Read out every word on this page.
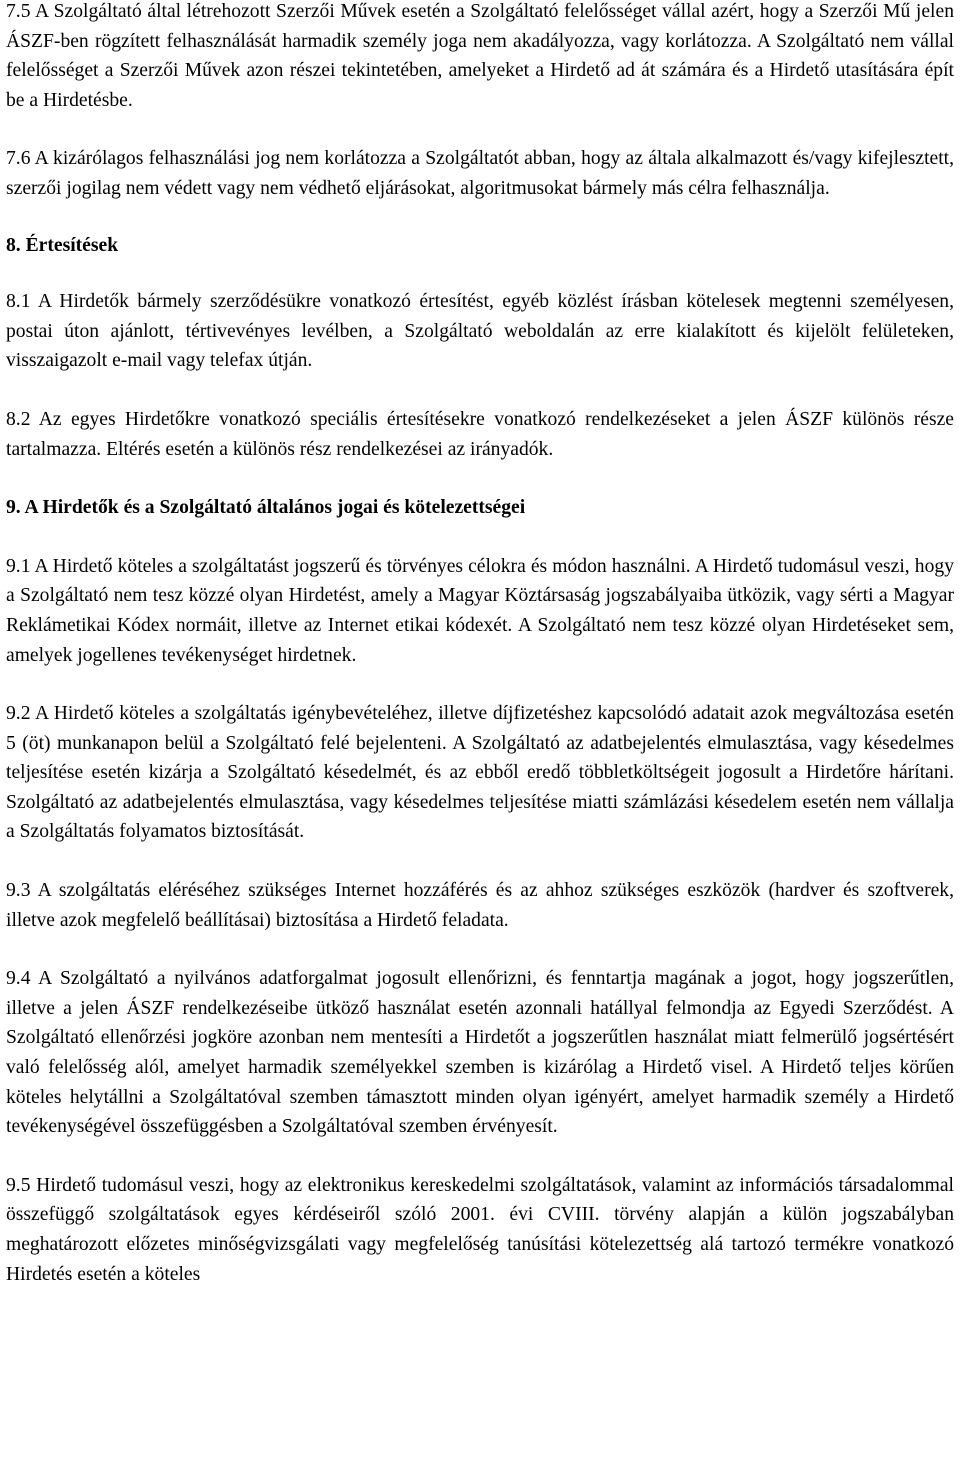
7.5 A Szolgáltató által létrehozott Szerzői Művek esetén a Szolgáltató felelősséget vállal azért, hogy a Szerzői Mű jelen ÁSZF-ben rögzített felhasználását harmadik személy joga nem akadályozza, vagy korlátozza. A Szolgáltató nem vállal felelősséget a Szerzői Művek azon részei tekintetében, amelyeket a Hirdető ad át számára és a Hirdető utasítására épít be a Hirdetésbe.

7.6 A kizárólagos felhasználási jog nem korlátozza a Szolgáltatót abban, hogy az általa alkalmazott és/vagy kifejlesztett, szerzői jogilag nem védett vagy nem védhető eljárásokat, algoritmusokat bármely más célra felhasználja.

8. Értesítések

8.1 A Hirdetők bármely szerződésükre vonatkozó értesítést, egyéb közlést írásban kötelesek megtenni személyesen, postai úton ajánlott, tértivevényes levélben, a Szolgáltató weboldalán az erre kialakított és kijelölt felületeken, visszaigazolt e-mail vagy telefax útján.

8.2 Az egyes Hirdetőkre vonatkozó speciális értesítésekre vonatkozó rendelkezéseket a jelen ÁSZF különös része tartalmazza. Eltérés esetén a különös rész rendelkezései az irányadók.

9. A Hirdetők és a Szolgáltató általános jogai és kötelezettségei

9.1 A Hirdető köteles a szolgáltatást jogszerű és törvényes célokra és módon használni. A Hirdető tudomásul veszi, hogy a Szolgáltató nem tesz közzé olyan Hirdetést, amely a Magyar Köztársaság jogszabályaiba ütközik, vagy sérti a Magyar Reklámetikai Kódex normáit, illetve az Internet etikai kódexét. A Szolgáltató nem tesz közzé olyan Hirdetéseket sem, amelyek jogellenes tevékenységet hirdetnek.

9.2 A Hirdető köteles a szolgáltatás igénybevételéhez, illetve díjfizetéshez kapcsolódó adatait azok megváltozása esetén 5 (öt) munkanapon belül a Szolgáltató felé bejelenteni. A Szolgáltató az adatbejelentés elmulasztása, vagy késedelmes teljesítése esetén kizárja a Szolgáltató késedelmét, és az ebből eredő többletköltségeit jogosult a Hirdetőre hárítani. Szolgáltató az adatbejelentés elmulasztása, vagy késedelmes teljesítése miatti számlázási késedelem esetén nem vállalja a Szolgáltatás folyamatos biztosítását.

9.3 A szolgáltatás eléréséhez szükséges Internet hozzáférés és az ahhoz szükséges eszközök (hardver és szoftverek, illetve azok megfelelő beállításai) biztosítása a Hirdető feladata.

9.4 A Szolgáltató a nyilvános adatforgalmat jogosult ellenőrizni, és fenntartja magának a jogot, hogy jogszerűtlen, illetve a jelen ÁSZF rendelkezéseibe ütköző használat esetén azonnali hatállyal felmondja az Egyedi Szerződést. A Szolgáltató ellenőrzési jogköre azonban nem mentesíti a Hirdetőt a jogszerűtlen használat miatt felmerülő jogsértésért való felelősség alól, amelyet harmadik személyekkel szemben is kizárólag a Hirdető visel. A Hirdető teljes körűen köteles helytállni a Szolgáltatóval szemben támasztott minden olyan igényért, amelyet harmadik személy a Hirdető tevékenységével összefüggésben a Szolgáltatóval szemben érvényesít.

9.5 Hirdető tudomásul veszi, hogy az elektronikus kereskedelmi szolgáltatások, valamint az információs társadalommal összefüggő szolgáltatások egyes kérdéseiről szóló 2001. évi CVIII. törvény alapján a külön jogszabályban meghatározott előzetes minőségvizsgálati vagy megfelelőség tanúsítási kötelezettség alá tartozó termékre vonatkozó Hirdetés esetén a köteles
